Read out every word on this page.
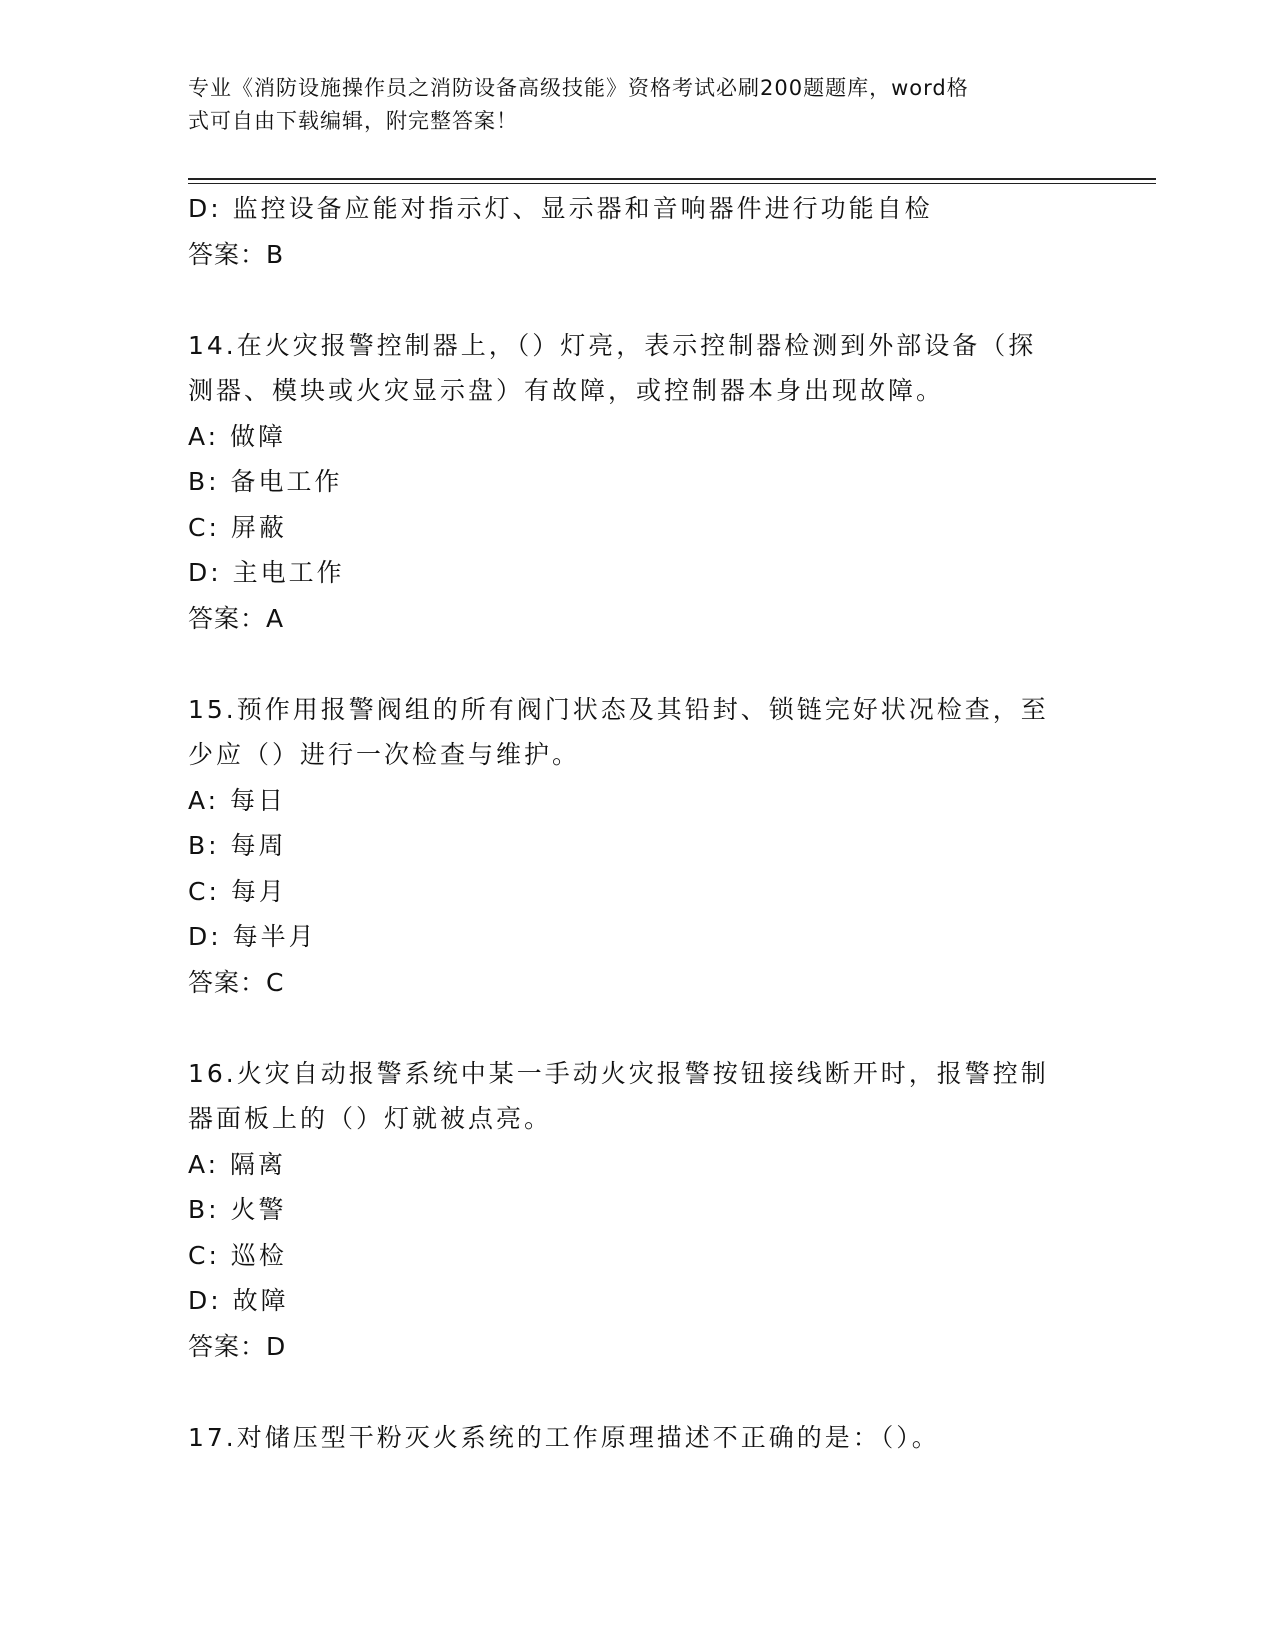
专业《消防设施操作员之消防设备高级技能》资格考试必刷200题题库，word格
式可自由下载编辑，附完整答案！
D: 监控设备应能对指示灯、显示器和音响器件进行功能自检
答案：B
14.在火灾报警控制器上，（）灯亮，表示控制器检测到外部设备（探
测器、模块或火灾显示盘）有故障，或控制器本身出现故障。
A: 做障
B: 备电工作
C: 屏蔽
D: 主电工作
答案：A
15.预作用报警阀组的所有阀门状态及其铅封、锁链完好状况检查，至
少应（）进行一次检查与维护。
A: 每日
B: 每周
C: 每月
D: 每半月
答案：C
16.火灾自动报警系统中某一手动火灾报警按钮接线断开时，报警控制
器面板上的（）灯就被点亮。
A: 隔离
B: 火警
C: 巡检
D: 故障
答案：D
17.对储压型干粉灭火系统的工作原理描述不正确的是：（）。
